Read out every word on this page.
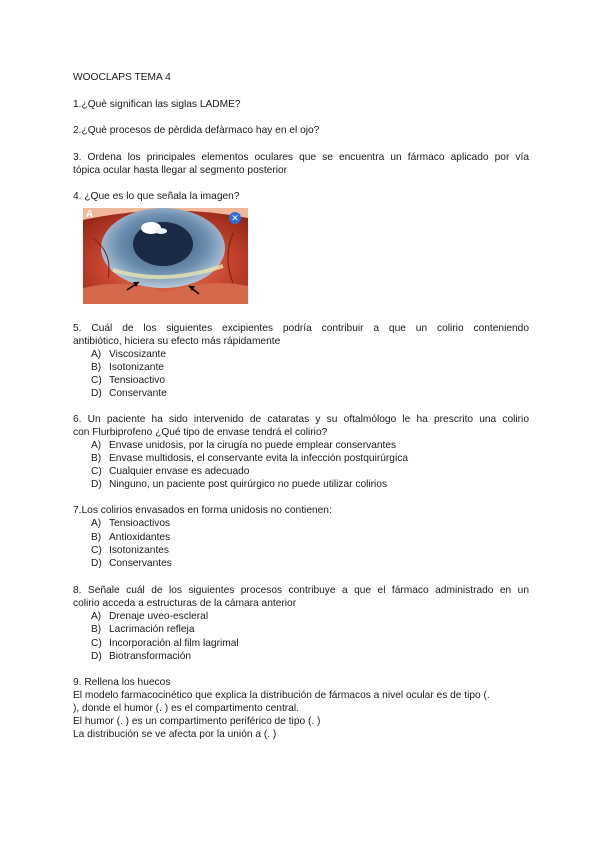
WOOCLAPS TEMA 4
1.¿Què significan las siglas LADME?
2.¿Què procesos de pèrdida defàrmaco hay en el ojo?
3. Ordena los principales elementos oculares que se encuentra un fármaco aplicado por vía
tópica ocular hasta llegar al segmento posterior
4. ¿Que es lo que señala la imagen?
A	✕
5. Cuál de los siguientes excipientes podría contribuir a que un colirio conteniendo
antibiótico, hiciera su efecto más rápidamente
A) Viscosizante
B) Isotonizante
C) Tensioactivo
D) Conservante
6. Un paciente ha sido intervenido de cataratas y su oftalmólogo le ha prescrito una colirio
con Flurbiprofeno ¿Qué tipo de envase tendrá el colirio?
A) Envase unidosis, por la cirugía no puede emplear conservantes
B) Envase multidosis, el conservante evita la infección postquirúrgica
C) Cualquier envase es adecuado
D) Ninguno, un paciente post quirúrgico no puede utilizar colirios
7.Los colirios envasados en forma unidosis no contienen:
A) Tensioactivos
B) Antioxidantes
C) Isotonizantes
D) Conservantes
8. Señale cuál de los siguientes procesos contribuye a que el fármaco administrado en un
colirio acceda a estructuras de la cámara anterior
A) Drenaje uveo-escleral
B) Lacrimación refleja
C) Incorporación al film lagrimal
D) Biotransformación
9. Rellena los huecos
El modelo farmacocinético que explica la distribución de fármacos a nivel ocular es de tipo (.
), donde el humor (. ) es el compartimento central.
El humor (. ) es un compartimento periférico de tipo (. )
La distribución se ve afecta por la unión a (. )
